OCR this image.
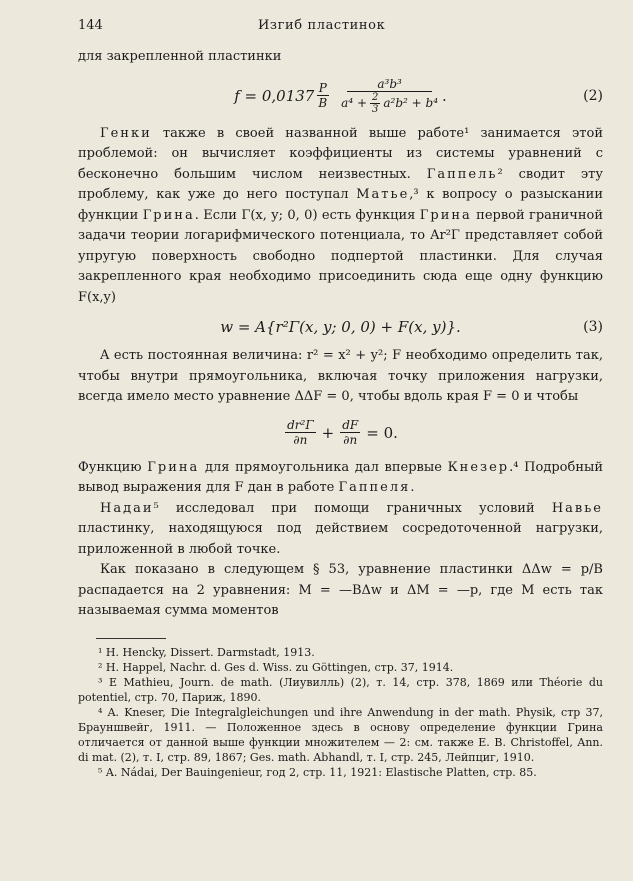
144	Изгиб пластинок

для закрепленной пластинки

$f = 0,0137 \frac{P}{B}$	a³b³
$a^4 + \frac{2}{3} a^2b^2 + b^4$ .	(2)

Генки также в своей названной выше работе¹ занимается этой проблемой: он вычисляет коэффициенты из системы уравнений с бесконечно большим числом неизвестных. Гаппель² сводит эту проблему, как уже до него поступал Матье,³ к вопросу о разыскании функции Грина. Если Γ(x, y; 0, 0) есть функция Грина первой граничной задачи теории логарифмического потенциала, то Ar²Γ представляет собой упругую поверхность свободно подпертой пластинки. Для случая закрепленного края необходимо присоединить сюда еще одну функцию F(x,y)

w = A{r²Γ(x, y; 0, 0) + F(x, y)}.	(3)

A есть постоянная величина: r² = x² + y²; F необходимо определить так, чтобы внутри прямоугольника, включая точку приложения нагрузки, всегда имело место уравнение ΔΔF = 0, чтобы вдоль края F = 0 и чтобы

$\frac{\text{dr²Γ}}{\partial n} + \frac{dF}{\partial n} = 0$.

Функцию Грина для прямоугольника дал впервые Кнезер.⁴ Подробный вывод выражения для F дан в работе Гаппеля.

Надаи⁵ исследовал при помощи граничных условий Навье пластинку, находящуюся под действием сосредоточенной нагрузки, приложенной в любой точке.

Как показано в следующем § 53, уравнение пластинки ΔΔw = p/B распадается на 2 уравнения: M = —BΔw и ΔM = —p, где M есть так называемая сумма моментов

¹ H. Hencky, Dissert. Darmstadt, 1913.

² H. Happel, Nachr. d. Ges d. Wiss. zu Göttingen, стр. 37, 1914.

³ E Mathieu, Journ. de math. (Лиувилль) (2), т. 14, стр. 378, 1869 или Théorie du potentiel, стр. 70, Париж, 1890.

⁴ A. Kneser, Die Integralgleichungen und ihre Anwendung in der math. Physik, стр 37, Брауншвейг, 1911. — Положенное здесь в основу определение функции Грина отличается от данной выше функции множителем — 2: см. также E. B. Christoffel, Ann. di mat. (2), т. I, стр. 89, 1867; Ges. math. Abhandl, т. I, стр. 245, Лейпциг, 1910.

⁵ A. Nádai, Der Bauingenieur, год 2, стр. 11, 1921: Elastische Platten, стр. 85.
